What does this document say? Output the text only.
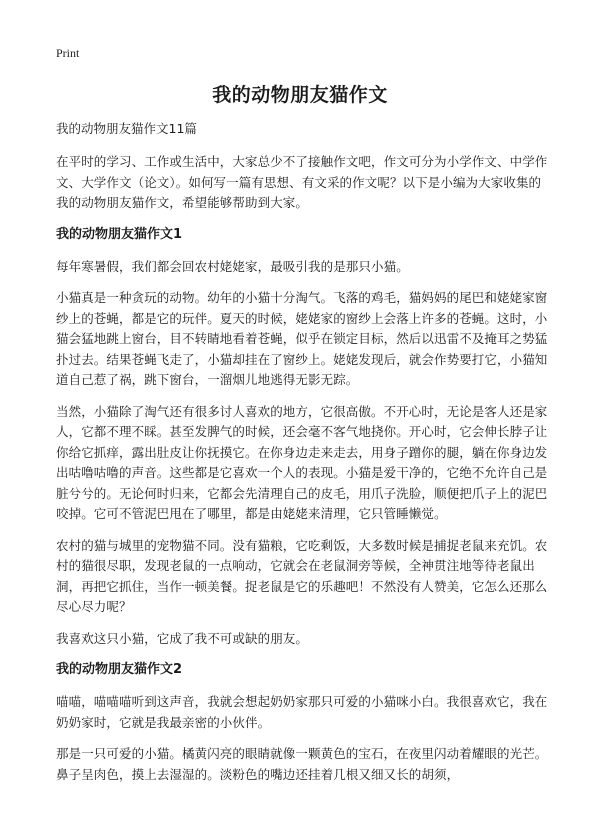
Print
我的动物朋友猫作文

我的动物朋友猫作文11篇

在平时的学习、工作或生活中，大家总少不了接触作文吧，作文可分为小学作文、中学作文、大学作文（论文）。如何写一篇有思想、有文采的作文呢？以下是小编为大家收集的我的动物朋友猫作文，希望能够帮助到大家。

我的动物朋友猫作文1

每年寒暑假，我们都会回农村姥姥家，最吸引我的是那只小猫。

小猫真是一种贪玩的动物。幼年的小猫十分淘气。飞落的鸡毛，猫妈妈的尾巴和姥姥家窗纱上的苍蝇，都是它的玩伴。夏天的时候，姥姥家的窗纱上会落上许多的苍蝇。这时，小猫会猛地跳上窗台，目不转睛地看着苍蝇，似乎在锁定目标，然后以迅雷不及掩耳之势猛扑过去。结果苍蝇飞走了，小猫却挂在了窗纱上。姥姥发现后，就会作势要打它，小猫知道自己惹了祸，跳下窗台，一溜烟儿地逃得无影无踪。

当然，小猫除了淘气还有很多讨人喜欢的地方，它很高傲。不开心时，无论是客人还是家人，它都不理不睬。甚至发脾气的时候，还会毫不客气地挠你。开心时，它会伸长脖子让你给它抓痒，露出肚皮让你抚摸它。在你身边走来走去，用身子蹭你的腿，躺在你身边发出咕噜咕噜的声音。这些都是它喜欢一个人的表现。小猫是爱干净的，它绝不允许自己是脏兮兮的。无论何时归来，它都会先清理自己的皮毛，用爪子洗脸，顺便把爪子上的泥巴咬掉。它可不管泥巴甩在了哪里，都是由姥姥来清理，它只管睡懒觉。

农村的猫与城里的宠物猫不同。没有猫粮，它吃剩饭，大多数时候是捕捉老鼠来充饥。农村的猫很尽职，发现老鼠的一点响动，它就会在老鼠洞旁等候，全神贯注地等待老鼠出洞，再把它抓住，当作一顿美餐。捉老鼠是它的乐趣吧！不然没有人赞美，它怎么还那么尽心尽力呢？

我喜欢这只小猫，它成了我不可或缺的朋友。

我的动物朋友猫作文2

喵喵，喵喵喵听到这声音，我就会想起奶奶家那只可爱的小猫咪小白。我很喜欢它，我在奶奶家时，它就是我最亲密的小伙伴。

那是一只可爱的小猫。橘黄闪亮的眼睛就像一颗黄色的宝石，在夜里闪动着耀眼的光芒。鼻子呈肉色，摸上去湿湿的。淡粉色的嘴边还挂着几根又细又长的胡须，
